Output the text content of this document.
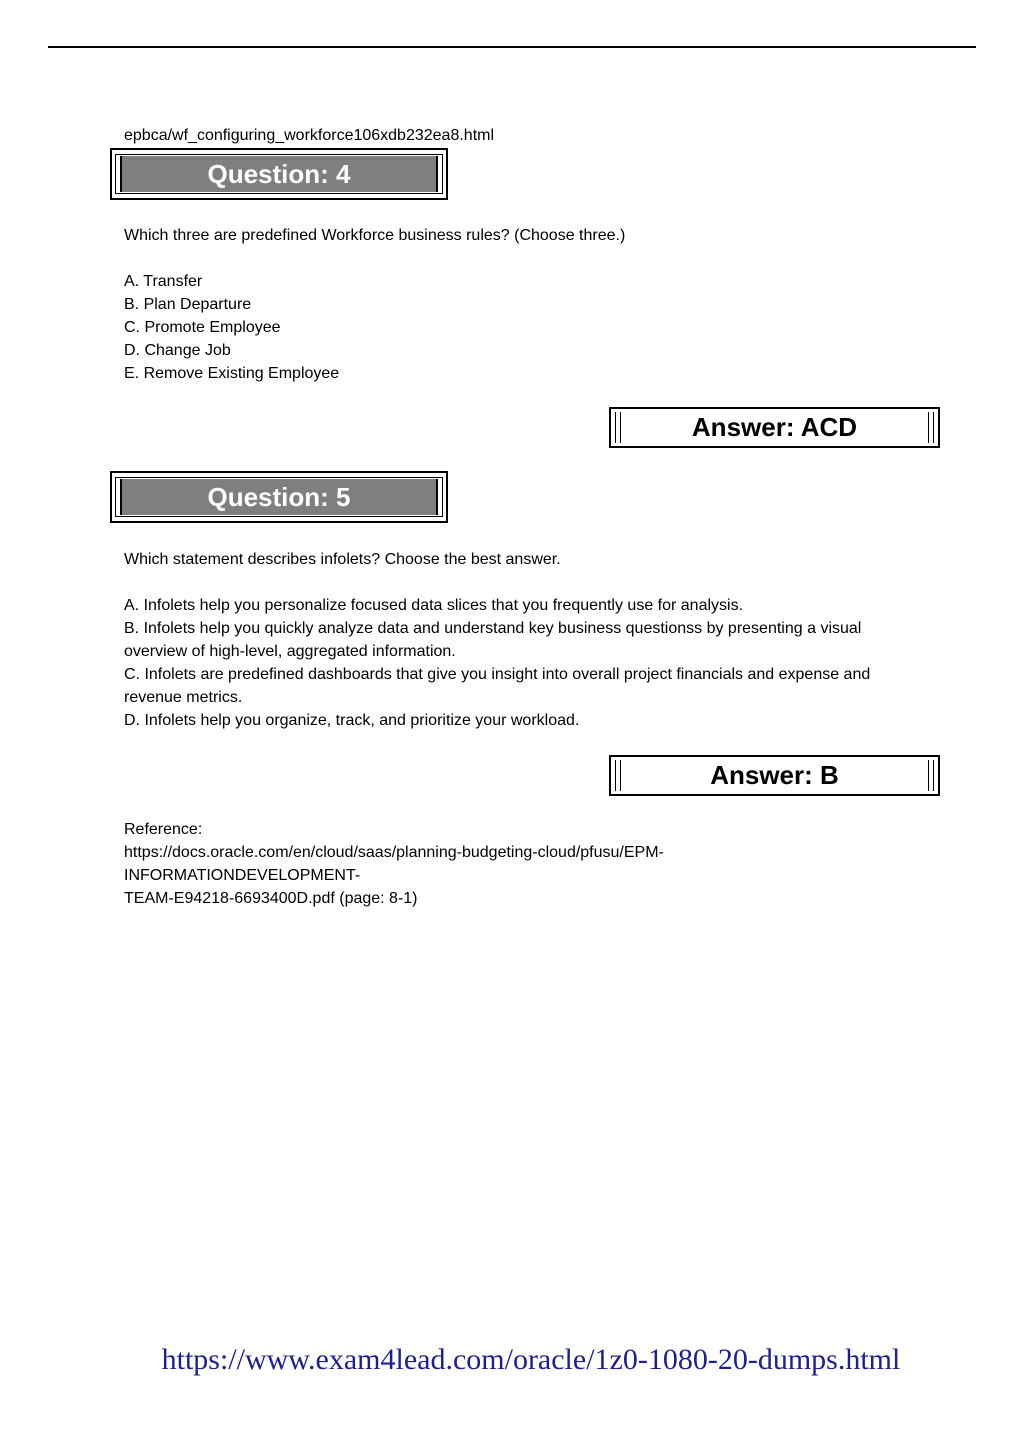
epbca/wf_configuring_workforce106xdb232ea8.html
Question: 4
Which three are predefined Workforce business rules? (Choose three.)
A. Transfer
B. Plan Departure
C. Promote Employee
D. Change Job
E. Remove Existing Employee
Answer: ACD
Question: 5
Which statement describes infolets? Choose the best answer.
A. Infolets help you personalize focused data slices that you frequently use for analysis.
B. Infolets help you quickly analyze data and understand key business questionss by presenting a visual overview of high-level, aggregated information.
C. Infolets are predefined dashboards that give you insight into overall project financials and expense and revenue metrics.
D. Infolets help you organize, track, and prioritize your workload.
Answer: B
Reference:
https://docs.oracle.com/en/cloud/saas/planning-budgeting-cloud/pfusu/EPM-
INFORMATIONDEVELOPMENT-
TEAM-E94218-6693400D.pdf (page: 8-1)
https://www.exam4lead.com/oracle/1z0-1080-20-dumps.html
